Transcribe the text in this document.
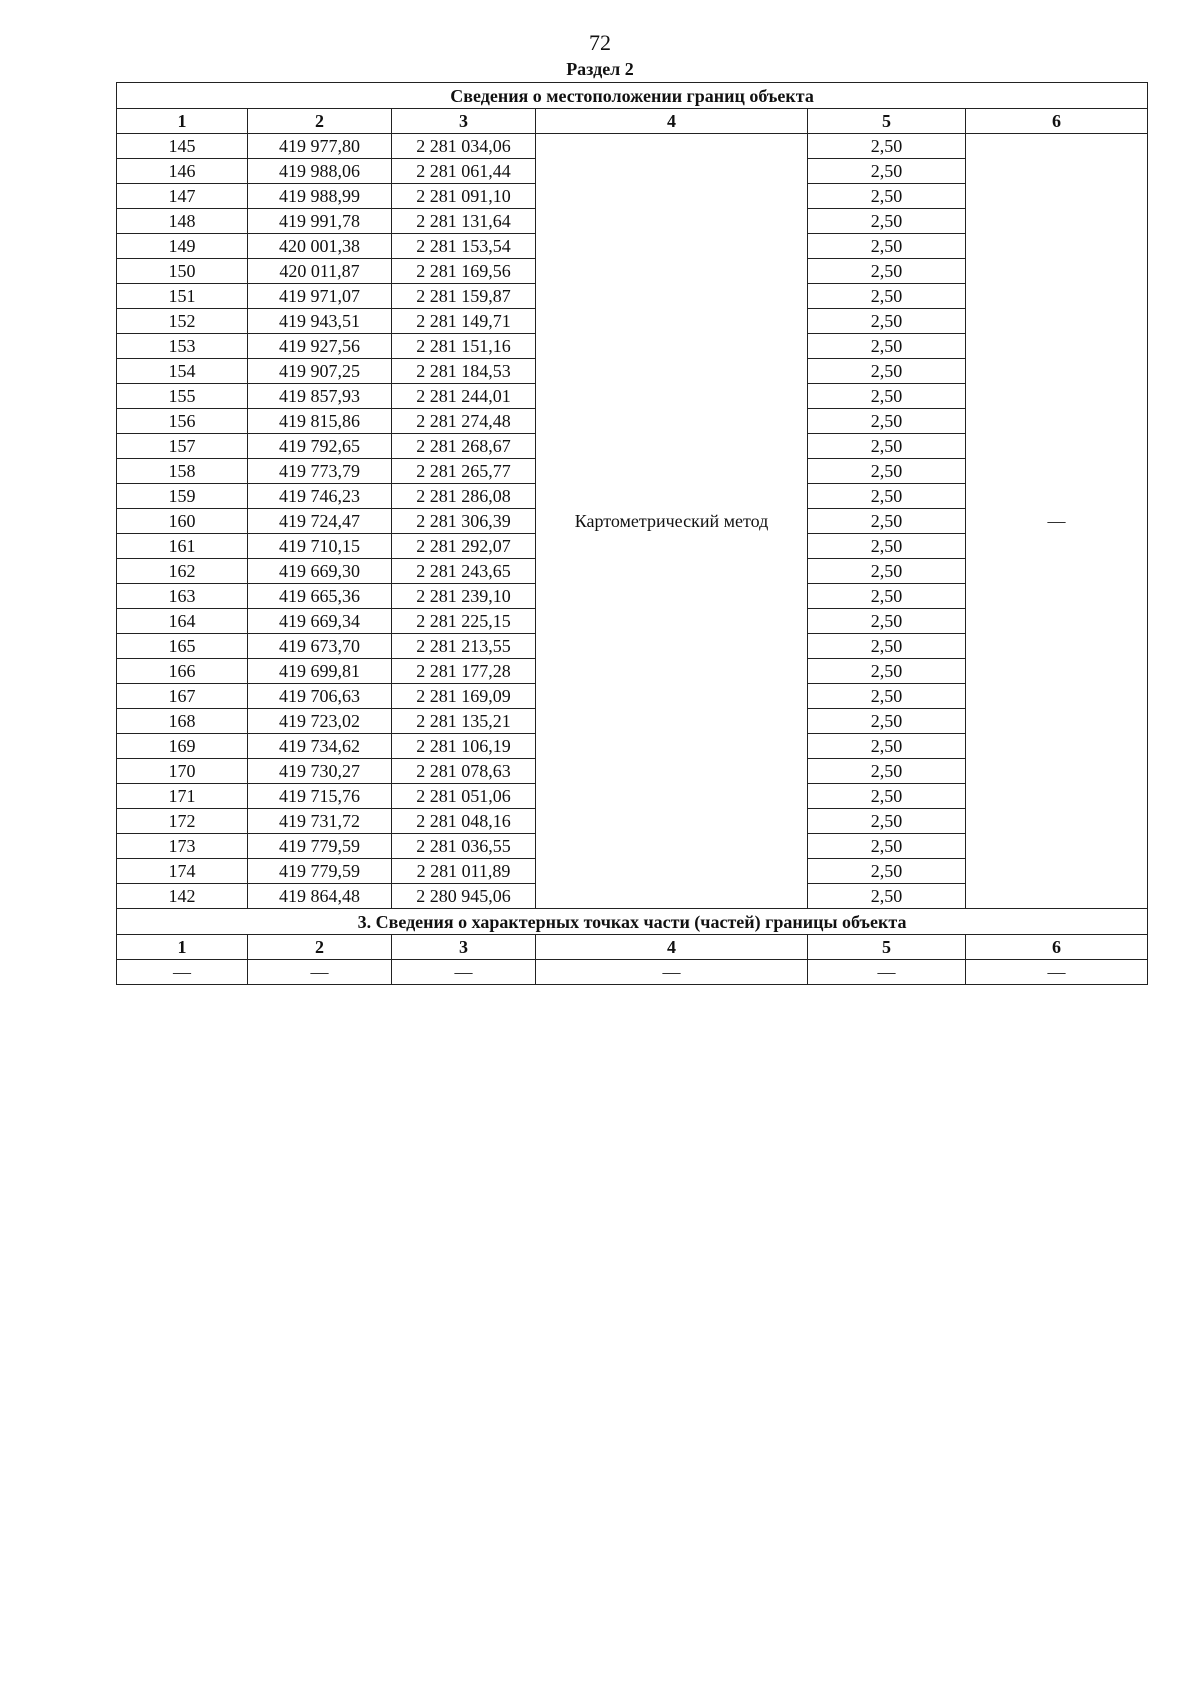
72
Раздел 2
Сведения о местоположении границ объекта					
1	2	3	4	5	6
145	419 977,80	2 281 034,06	Картометрический метод	2,50	—
146	419 988,06	2 281 061,44		2,50	
147	419 988,99	2 281 091,10		2,50	
148	419 991,78	2 281 131,64		2,50	
149	420 001,38	2 281 153,54		2,50	
150	420 011,87	2 281 169,56		2,50	
151	419 971,07	2 281 159,87		2,50	
152	419 943,51	2 281 149,71		2,50	
153	419 927,56	2 281 151,16		2,50	
154	419 907,25	2 281 184,53		2,50	
155	419 857,93	2 281 244,01		2,50	
156	419 815,86	2 281 274,48		2,50	
157	419 792,65	2 281 268,67		2,50	
158	419 773,79	2 281 265,77		2,50	
159	419 746,23	2 281 286,08		2,50	
160	419 724,47	2 281 306,39		2,50	
161	419 710,15	2 281 292,07		2,50	
162	419 669,30	2 281 243,65		2,50	
163	419 665,36	2 281 239,10		2,50	
164	419 669,34	2 281 225,15		2,50	
165	419 673,70	2 281 213,55		2,50	
166	419 699,81	2 281 177,28		2,50	
167	419 706,63	2 281 169,09		2,50	
168	419 723,02	2 281 135,21		2,50	
169	419 734,62	2 281 106,19		2,50	
170	419 730,27	2 281 078,63		2,50	
171	419 715,76	2 281 051,06		2,50	
172	419 731,72	2 281 048,16		2,50	
173	419 779,59	2 281 036,55		2,50	
174	419 779,59	2 281 011,89		2,50	
142	419 864,48	2 280 945,06		2,50	
3. Сведения о характерных точках части (частей) границы объекта					
1	2	3	4	5	6
—	—	—	—	—	—
